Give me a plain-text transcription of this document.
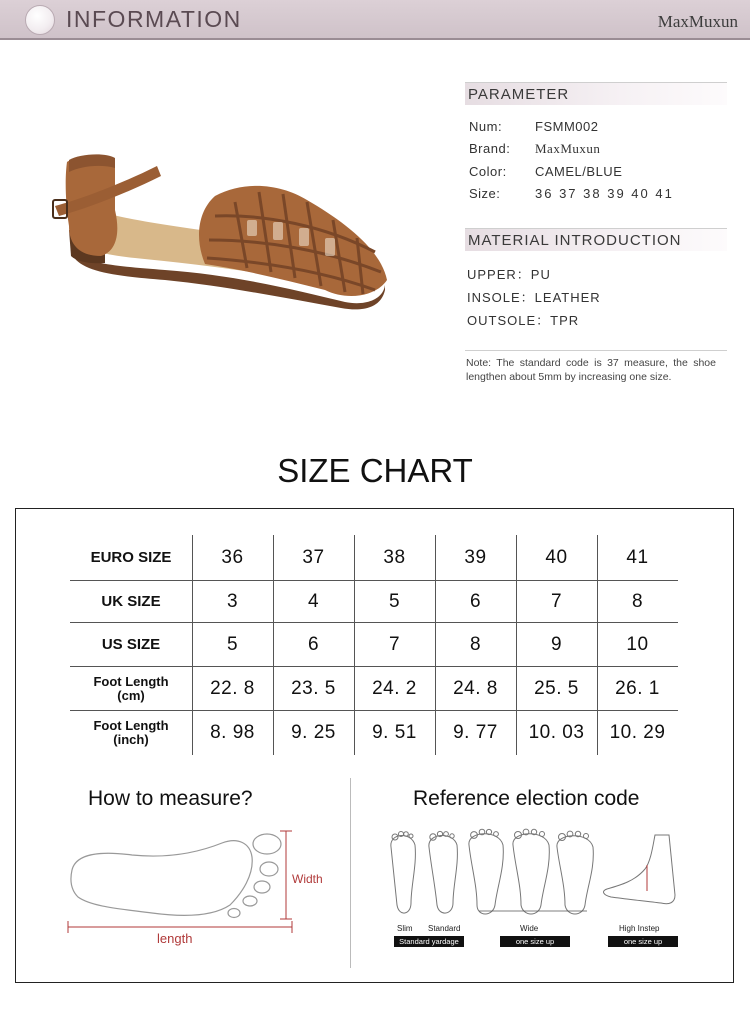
INFORMATION	MaxMuxun
PARAMETER
Num:	FSMM002
Brand: MaxMuxun
Color: CAMEL/BLUE
Size:	36 37 38 39 40 41
MATERIAL INTRODUCTION
UPPER：PU
INSOLE：LEATHER
OUTSOLE：TPR
Note: The standard code is 37 measure, the shoe lengthen about 5mm by increasing one size.
SIZE CHART
EURO SIZE	36	37	38	39	40	41
UK SIZE	3	4	5	6	7	8
US SIZE	5	6	7	8	9	10
Foot Length
(cm)	22. 8	23. 5	24. 2	24. 8	25. 5	26. 1
Foot Length
(inch)	8. 98	9. 25	9. 51	9. 77	10. 03	10. 29
How to measure?
Width
length
Reference election code
Slim Standard	Wide	High Instep
Standard yardage	one size up	one size up
